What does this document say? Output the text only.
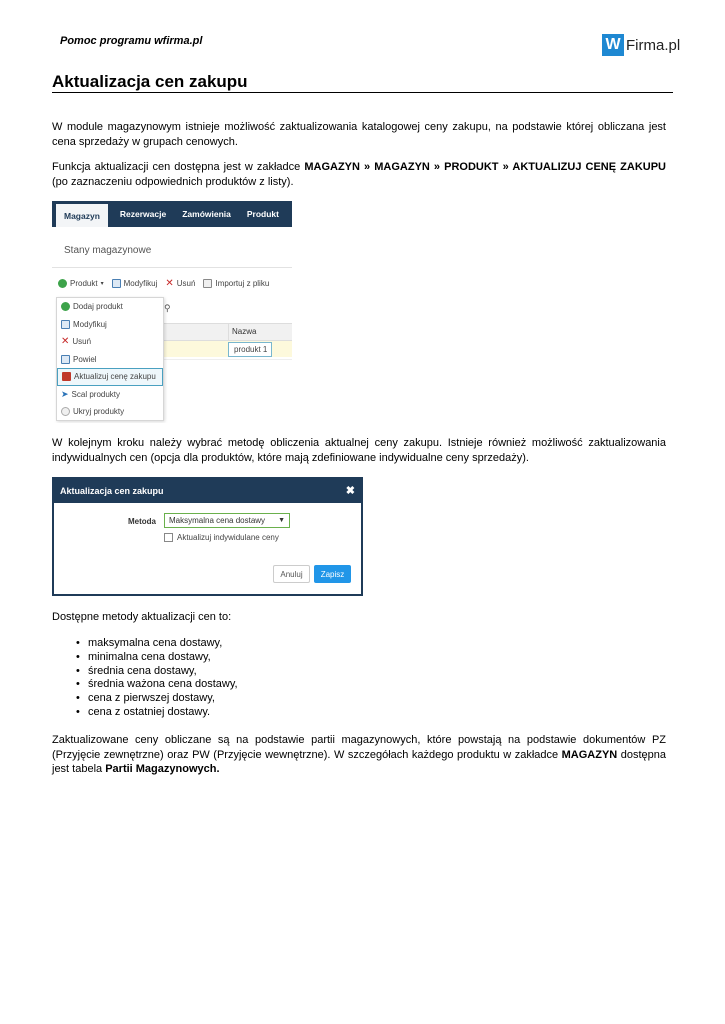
Pomoc programu wfirma.pl	W Firma.pl
Aktualizacja cen zakupu
W module magazynowym istnieje możliwość zaktualizowania katalogowej ceny zakupu, na podstawie której obliczana jest cena sprzedaży w grupach cenowych.
Funkcja aktualizacji cen dostępna jest w zakładce MAGAZYN » MAGAZYN » PRODUKT » AKTUALIZUJ CENĘ ZAKUPU (po zaznaczeniu odpowiednich produktów z listy).
Magazyn	Rezerwacje	Zamówienia	Produkt
Stany magazynowe
Produkt ▾	Modyfikuj ✕ Usuń	Importuj z pliku
⚲
Nazwa
produkt 1
Dodaj produkt
Modyfikuj
✕ Usuń
Powiel
Aktualizuj cenę zakupu
➤ Scal produkty
Ukryj produkty
W kolejnym kroku należy wybrać metodę obliczenia aktualnej ceny zakupu. Istnieje również możliwość zaktualizowania indywidualnych cen (opcja dla produktów, które mają zdefiniowane indywidualne ceny sprzedaży).
Aktualizacja cen zakupu	✖
Metoda Maksymalna cena dostawy ▼
Aktualizuj indywidulane ceny
Anuluj	Zapisz
Dostępne metody aktualizacji cen to:
• maksymalna cena dostawy,
• minimalna cena dostawy,
• średnia cena dostawy,
• średnia ważona cena dostawy,
• cena z pierwszej dostawy,
• cena z ostatniej dostawy.
Zaktualizowane ceny obliczane są na podstawie partii magazynowych, które powstają na podstawie dokumentów PZ (Przyjęcie zewnętrzne) oraz PW (Przyjęcie wewnętrzne). W szczegółach każdego produktu w zakładce MAGAZYN dostępna jest tabela Partii Magazynowych.
